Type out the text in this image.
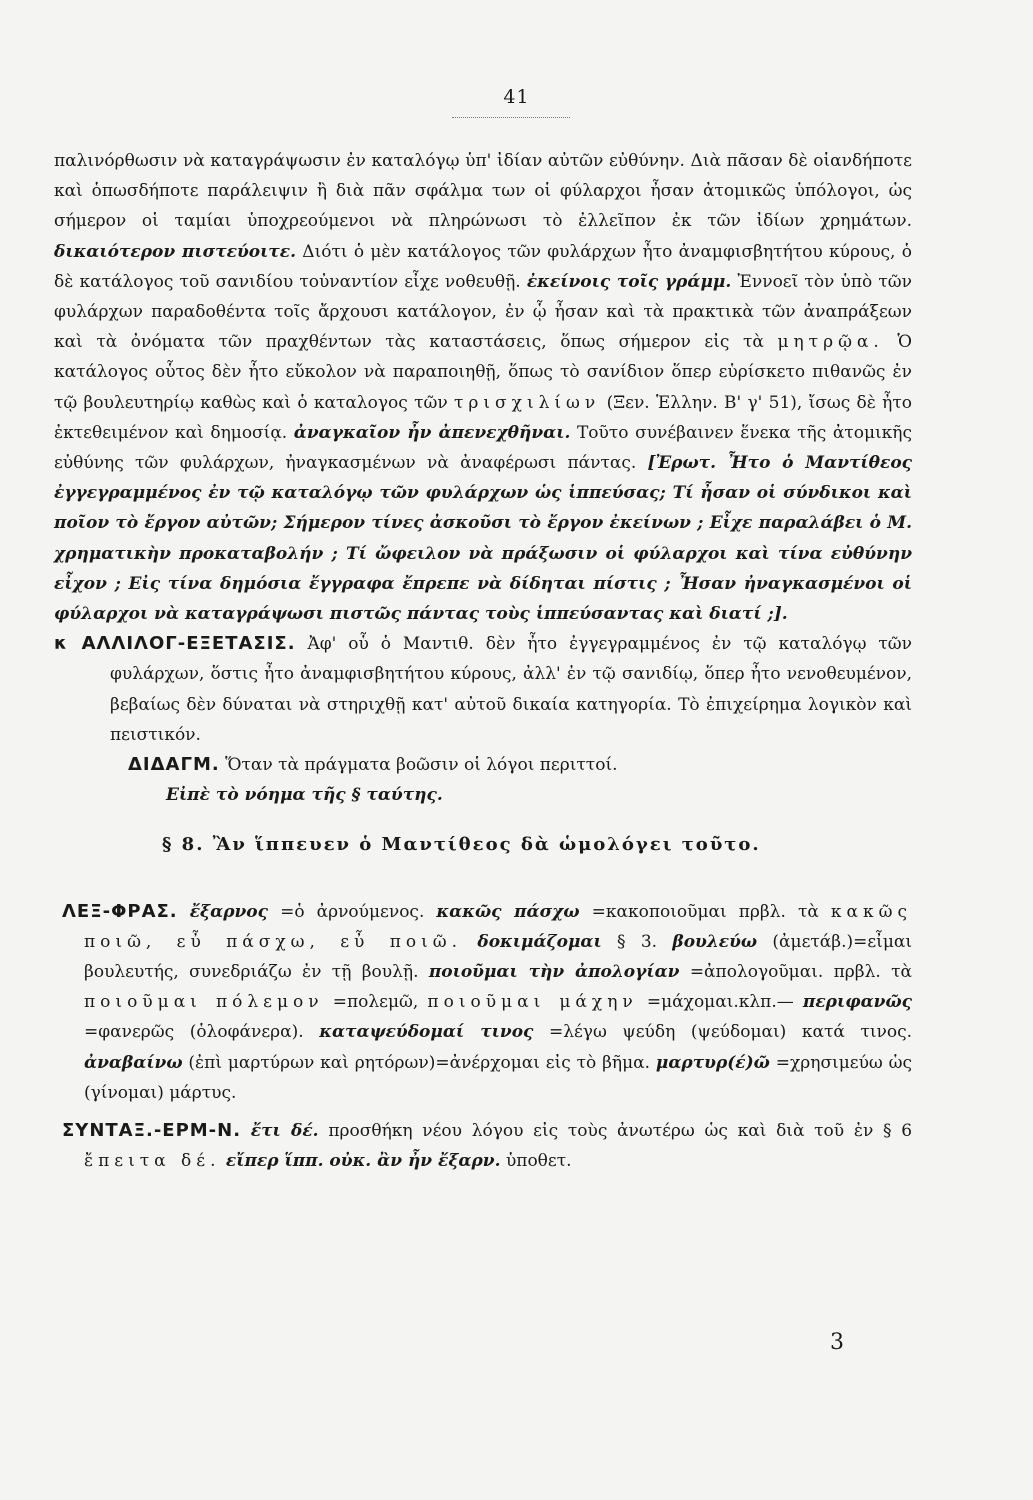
41

παλινόρθωσιν νὰ καταγράψωσιν ἐν καταλόγῳ ὑπ' ἰδίαν αὐτῶν εὐθύνην. Διὰ πᾶσαν δὲ οἱανδήποτε καὶ ὁπωσδήποτε παράλειψιν ἢ διὰ πᾶν σφάλμα των οἱ φύλαρχοι ἦσαν ἀτομικῶς ὑπόλογοι, ὡς σήμερον οἱ ταμίαι ὑποχρεούμενοι νὰ πληρώνωσι τὸ ἐλλεῖπον ἐκ τῶν ἰδίων χρημάτων. δικαιότερον πιστεύοιτε. Διότι ὁ μὲν κατάλογος τῶν φυλάρχων ἦτο ἀναμφισβητήτου κύρους, ὁ δὲ κατάλογος τοῦ σανιδίου τοὐναντίον εἶχε νοθευθῇ. ἐκείνοις τοῖς γράμμ. Ἐννοεῖ τὸν ὑπὸ τῶν φυλάρχων παραδοθέντα τοῖς ἄρχουσι κατάλογον, ἐν ᾧ ἦσαν καὶ τὰ πρακτικὰ τῶν ἀναπράξεων καὶ τὰ ὀνόματα τῶν πραχθέντων τὰς καταστάσεις, ὅπως σήμερον εἰς τὰ μητρῷα. Ὁ κατάλογος οὗτος δὲν ἦτο εὔκολον νὰ παραποιηθῇ, ὅπως τὸ σανίδιον ὅπερ εὑρίσκετο πιθανῶς ἐν τῷ βουλευτηρίῳ καθὼς καὶ ὁ καταλογος τῶν τρισχιλίων (Ξεν. Ἑλλην. Β' γ' 51), ἴσως δὲ ἦτο ἐκτεθειμένον καὶ δημοσίᾳ. ἀναγκαῖον ἦν ἀπενεχθῆναι. Τοῦτο συνέβαινεν ἕνεκα τῆς ἀτομικῆς εὐθύνης τῶν φυλάρχων, ἠναγκασμένων νὰ ἀναφέρωσι πάντας. [Ἐρωτ. Ἦτο ὁ Μαντίθεος ἐγγεγραμμένος ἐν τῷ καταλόγῳ τῶν φυλάρχων ὡς ἱππεύσας; Τί ἦσαν οἱ σύνδικοι καὶ ποῖον τὸ ἔργον αὐτῶν; Σήμερον τίνες ἀσκοῦσι τὸ ἔργον ἐκείνων ; Εἶχε παραλάβει ὁ Μ. χρηματικὴν προκαταβολήν ; Τί ὤφειλον νὰ πράξωσιν οἱ φύλαρχοι καὶ τίνα εὐθύνην εἶχον ; Εἰς τίνα δημόσια ἔγγραφα ἔπρεπε νὰ δίδηται πίστις ; Ἦσαν ἠναγκασμένοι οἱ φύλαρχοι νὰ καταγράψωσι πιστῶς πάντας τοὺς ἱππεύσαντας καὶ διατί ;].

κ ΑΛΛΙΛΟΓ-ΕΞΕΤΑΣΙΣ. Ἀφ' οὗ ὁ Μαντιθ. δὲν ἦτο ἐγγεγραμμένος ἐν τῷ καταλόγῳ τῶν φυλάρχων, ὅστις ἦτο ἀναμφισβητήτου κύρους, ἀλλ' ἐν τῷ σανιδίῳ, ὅπερ ἦτο νενοθευμένον, βεβαίως δὲν δύναται νὰ στηριχθῇ κατ' αὐτοῦ δικαία κατηγορία. Τὸ ἐπιχείρημα λογικὸν καὶ πειστικόν.

ΔΙΔΑΓΜ. Ὅταν τὰ πράγματα βοῶσιν οἱ λόγοι περιττοί.

Εἰπὲ τὸ νόημα τῆς § ταύτης.

§ 8. Ἂν ἵππευεν ὁ Μαντίθεος δὰ ὡμολόγει τοῦτο.

ΛΕΞ-ΦΡΑΣ. ἔξαρνος =ὁ ἀρνούμενος. κακῶς πάσχω =κακοποιοῦμαι πρβλ. τὰ κακῶς ποιῶ, εὖ πάσχω, εὖ ποιῶ. δοκιμάζομαι § 3. βουλεύω (ἀμετάβ.)=εἶμαι βουλευτής, συνεδριάζω ἐν τῇ βουλῇ. ποιοῦμαι τὴν ἀπολογίαν =ἀπολογοῦμαι. πρβλ. τὰ ποιοῦμαι πόλεμον =πολεμῶ, ποιοῦμαι μάχην =μάχομαι.κλπ.— περιφανῶς =φανερῶς (ὁλοφάνερα). καταψεύδομαί τινος =λέγω ψεύδη (ψεύδομαι) κατά τινος. ἀναβαίνω (ἐπὶ μαρτύρων καὶ ρητόρων)=ἀνέρχομαι εἰς τὸ βῆμα. μαρτυρ(έ)ῶ =χρησιμεύω ὡς (γίνομαι) μάρτυς.

ΣΥΝΤΑΞ.-ΕΡΜ-Ν. ἔτι δέ. προσθήκη νέου λόγου εἰς τοὺς ἀνωτέρω ὡς καὶ διὰ τοῦ ἐν § 6 ἔπειτα δέ. εἴπερ ἵππ. οὐκ. ἂν ἦν ἔξαρν. ὑποθετ.

3
